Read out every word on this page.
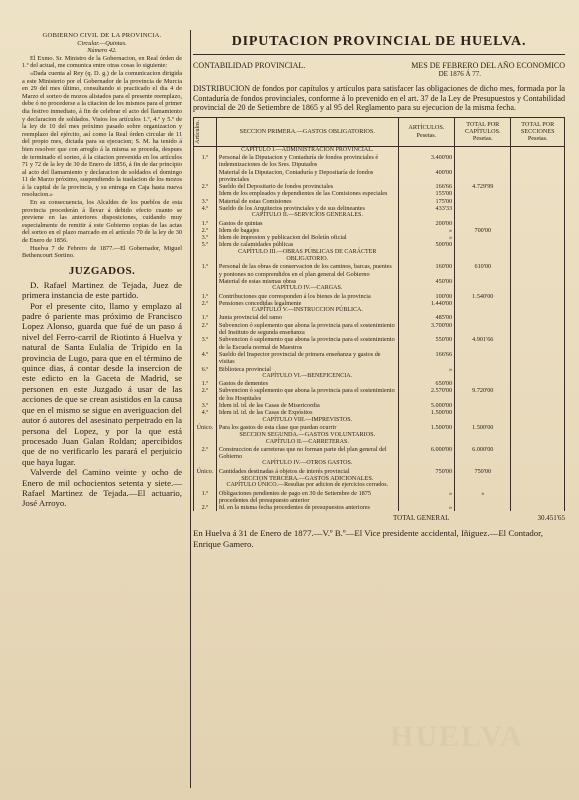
GOBIERNO CIVIL DE LA PROVINCIA.

Circular.—Quintas.

Número 42.

El Exmo. Sr. Ministro de la Gobernacion, en Real órden de 1.º del actual, me comunica entre otras cosas lo siguiente:

«Dada cuenta al Rey (q. D. g.) de la comunicacion dirigida a este Ministerio por el Gobernador de la provincia de Murcia en 29 del mes último, consultando si practicado el dia 4 de Marzo el sorteo de mozos alistados para el presente reemplazo, debe ó no procederse a la citacion de los mismos para el primer dia festivo inmediato, á fin de celebrar el acto del llamamiento y declaracion de soldados. Vistos los artículos 1.º, 4.º y 5.º de la ley de 10 del mes próximo pasado sobre organizacion y reemplazo del ejército, así como la Real órden circular de 11 del propio mes, dictada para su ejecucion; S. M. ha tenido á bien resolver que con arreglo á la misma se proceda, despues de terminado el sorteo, á la citacion prevenida en los artículos 71 y 72 de la ley de 30 de Enero de 1856, á fin de dar principio al acto del llamamiento y declaracion de soldados el domingo 11 de Marzo próximo, suspendiendo la traslacion de los mozos á la capital de la provincia, y su entrega en Caja hasta nueva resolucion.»

En su consecuencia, los Alcaldes de los pueblos de esta provincia procederán á llevar á debido efecto cuanto se previene en las anteriores disposiciones, cuidando muy especialmente de remitir á este Gobierno copias de las actas del sorteo en el plazo marcado en el artículo 70 de la ley de 30 de Enero de 1856.

Huelva 7 de Febrero de 1877.—El Gobernador, Miguel Bethencourt Sortino.

JUZGADOS.

D. Rafael Martinez de Tejada, Juez de primera instancia de este partido.

Por el presente cito, llamo y emplazo al padre ó pariente mas próximo de Francisco Lopez Alonso, guarda que fué de un paso á nivel del Ferro-carril de Riotinto á Huelva y natural de Santa Eulalia de Tripido en la provincia de Lugo, para que en el término de quince dias, á contar desde la insercion de este edicto en la Gaceta de Madrid, se personen en este Juzgado á usar de las acciones de que se crean asistidos en la causa que en el mismo se sigue en averiguacion del autor ó autores del asesinato perpetrado en la persona del Lopez, y por la que está procesado Juan Galan Roldan; apercibidos que de no verificarlo les parará el perjuicio que haya lugar.

Valverde del Camino veinte y ocho de Enero de mil ochocientos setenta y siete.—Rafael Martinez de Tejada.—El actuario, José Arroyo.

DIPUTACION PROVINCIAL DE HUELVA.
CONTABILIDAD PROVINCIAL.	MES DE FEBRERO DEL AÑO ECONOMICO
DE 1876 Á 77.
DISTRIBUCION de fondos por capítulos y artículos para satisfacer las obligaciones de dicho mes, formada por la Contaduría de fondos provinciales, conforme á lo prevenido en el art. 37 de la Ley de Presupuestos y Contabilidad provincial de 20 de Setiembre de 1865 y al 95 del Reglamento para su ejecucion de la misma fecha.
Artículos.	SECCION PRIMERA.—GASTOS OBLIGATORIOS.	ARTÍCULOS.
Pesetas.	TOTAL POR CAPÍTULOS.
Pesetas.	TOTAL POR SECCIONES
Pesetas.
	CAPÍTULO I.—ADMINISTRACION PROVINCIAL.			
1.º	Personal de la Diputacion y Contaduría de fondos provinciales é indemnizaciones de los Sres. Diputados	3.400'00		
	Material de la Diputacion, Contaduría y Depositaría de fondos provinciales	400'00		
2.º	Sueldo del Depositario de fondos provinciales	166'66	4.729'99	
	Idem de los empleados y dependientes de las Comisiones especiales	155'00		
3.º	Material de estas Comisiones	175'00		
4.º	Sueldo de los Arquitectos provinciales y de sus delineantes	433'33		
	CAPÍTULO II.—SERVICIOS GENERALES.			
1.º	Gastos de quintas	200'00		
2.º	Idem de bagajes	»	700'00	
3.º	Idem de impresion y publicacion del Boletín oficial	»		
5.º	Idem de calamidades públicas	500'00		
	CAPÍTULO III.—OBRAS PÚBLICAS DE CARÁCTER OBLIGATORIO.			
1.º	Personal de las obras de conservacion de los caminos, barcas, puentes y pontones no comprendidos en el plan general del Gobierno	160'00	610'00	
	Material de estas mismas obras	450'00		
	CAPÍTULO IV.—CARGAS.			
1.º	Contribuciones que corresponden á los bienes de la provincia	100'00	1.540'00	
2.º	Pensiones concedidas legalmente	1.440'00		
	CAPÍTULO V.—INSTRUCCION PÚBLICA.			
1.º	Junta provincial del ramo	485'00		
2.º	Subvencion ó suplemento que abona la provincia para el sostenimiento del Instituto de segunda enseñanza	3.700'00		
3.º	Subvencion ó suplemento que abona la provincia para el sostenimiento de la Escuela normal de Maestros	550'00	4.901'66	
4.º	Sueldo del Inspector provincial de primera enseñanza y gastos de visitas	166'66		
6.º	Biblioteca provincial	»		
	CAPÍTULO VI.—BENEFICENCIA.			
1.º	Gastos de dementes	650'00		
2.º	Subvencion ó suplemento que abona la provincia para el sostenimiento de los Hospitales	2.570'00	9.720'00	
3.º	Idem id. id. de las Casas de Misericordia	5.000'00		
4.º	Idem id. id. de las Casas de Expósitos	1.500'00		
	CAPÍTULO VIII.—IMPREVISTOS.			
Único.	Para los gastos de esta clase que puedan ocurrir	1.500'00	1.500'00	
	SECCION SEGUNDA.—GASTOS VOLUNTARIOS.			
	CAPÍTULO II.—CARRETERAS.			
2.º	Construccion de carreteras que no forman parte del plan general del Gobierno	6.000'00	6.000'00	
	CAPÍTULO IV.—OTROS GASTOS.			
Único.	Cantidades destinadas á objetos de interés provincial	750'00	750'00	
	SECCION TERCERA.—GASTOS ADICIONALES.			
	CAPÍTULO ÚNICO.—Resultas por adicion de ejercicios cerrados.			
1.º	Obligaciones pendientes de pago en 30 de Setiembre de 1875 procedentes del presupuesto anterior	»	»	
2.º	Id. en la misma fecha procedentes de presupuestos anteriores	»		
TOTAL GENERAL	30.451'65
En Huelva á 31 de Enero de 1877.—V.º B.º—El Vice presidente accidental, Iñiguez.—El Contador, Enrique Gamero.
HUELVA
